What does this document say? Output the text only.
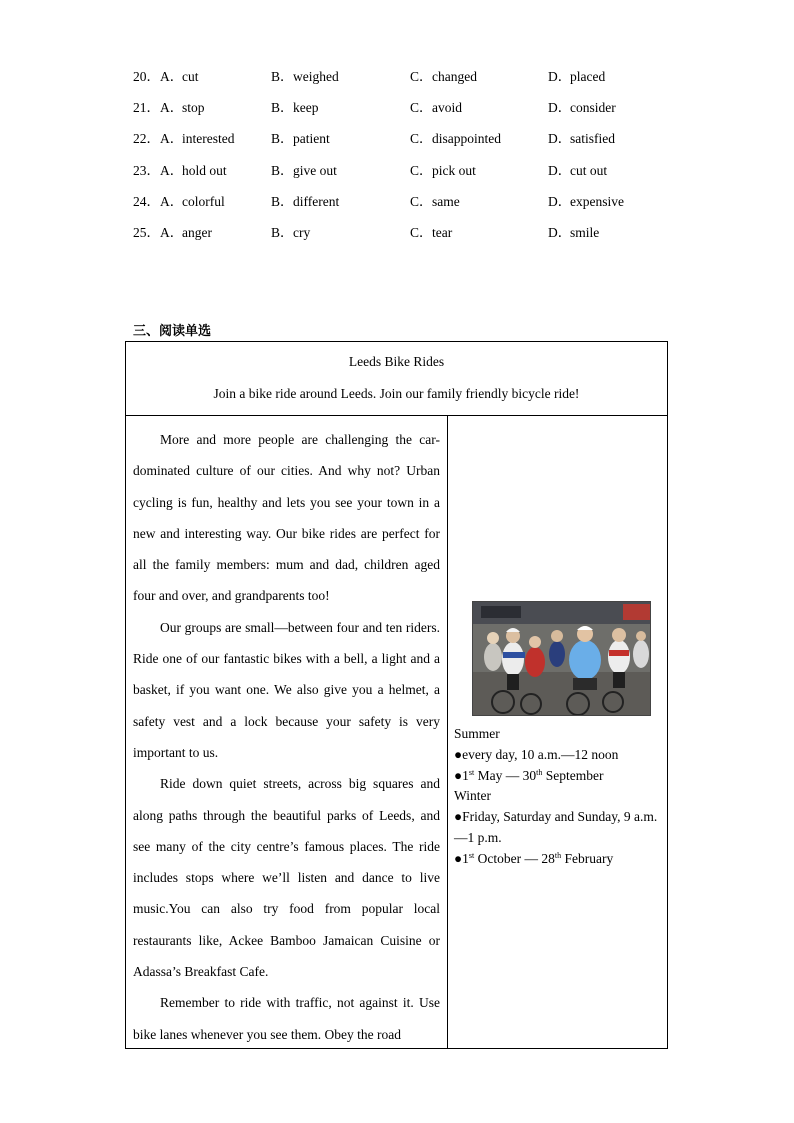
20． A．cut	B．weighed	C．changed	D．placed
21． A．stop	B．keep	C．avoid	D．consider
22． A．interested	B．patient	C．disappointed	D．satisfied
23． A．hold out	B．give out	C．pick out	D．cut out
24． A．colorful	B．different	C．same	D．expensive
25． A．anger	B．cry	C．tear	D．smile
三、阅读单选
Leeds Bike Rides
Join a bike ride around Leeds. Join our family friendly bicycle ride!

More and more people are challenging the car-dominated culture of our cities. And why not? Urban cycling is fun, healthy and lets you see your town in a new and interesting way. Our bike rides are perfect for all the family members: mum and dad, children aged four and over, and grandparents too!

Our groups are small—between four and ten riders. Ride one of our fantastic bikes with a bell, a light and a basket, if you want one. We also give you a helmet, a safety vest and a lock because your safety is very important to us.

Ride down quiet streets, across big squares and along paths through the beautiful parks of Leeds, and see many of the city centre’s famous places. The ride includes stops where we’ll listen and dance to live music.You can also try food from popular local restaurants like, Ackee Bamboo Jamaican Cuisine or Adassa’s Breakfast Cafe.

Remember to ride with traffic, not against it. Use bike lanes whenever you see them. Obey the road

Summer
●every day, 10 a.m.—12 noon
●1st May — 30th September
Winter
●Friday, Saturday and Sunday, 9 a.m.—1 p.m.
●1st October — 28th February
